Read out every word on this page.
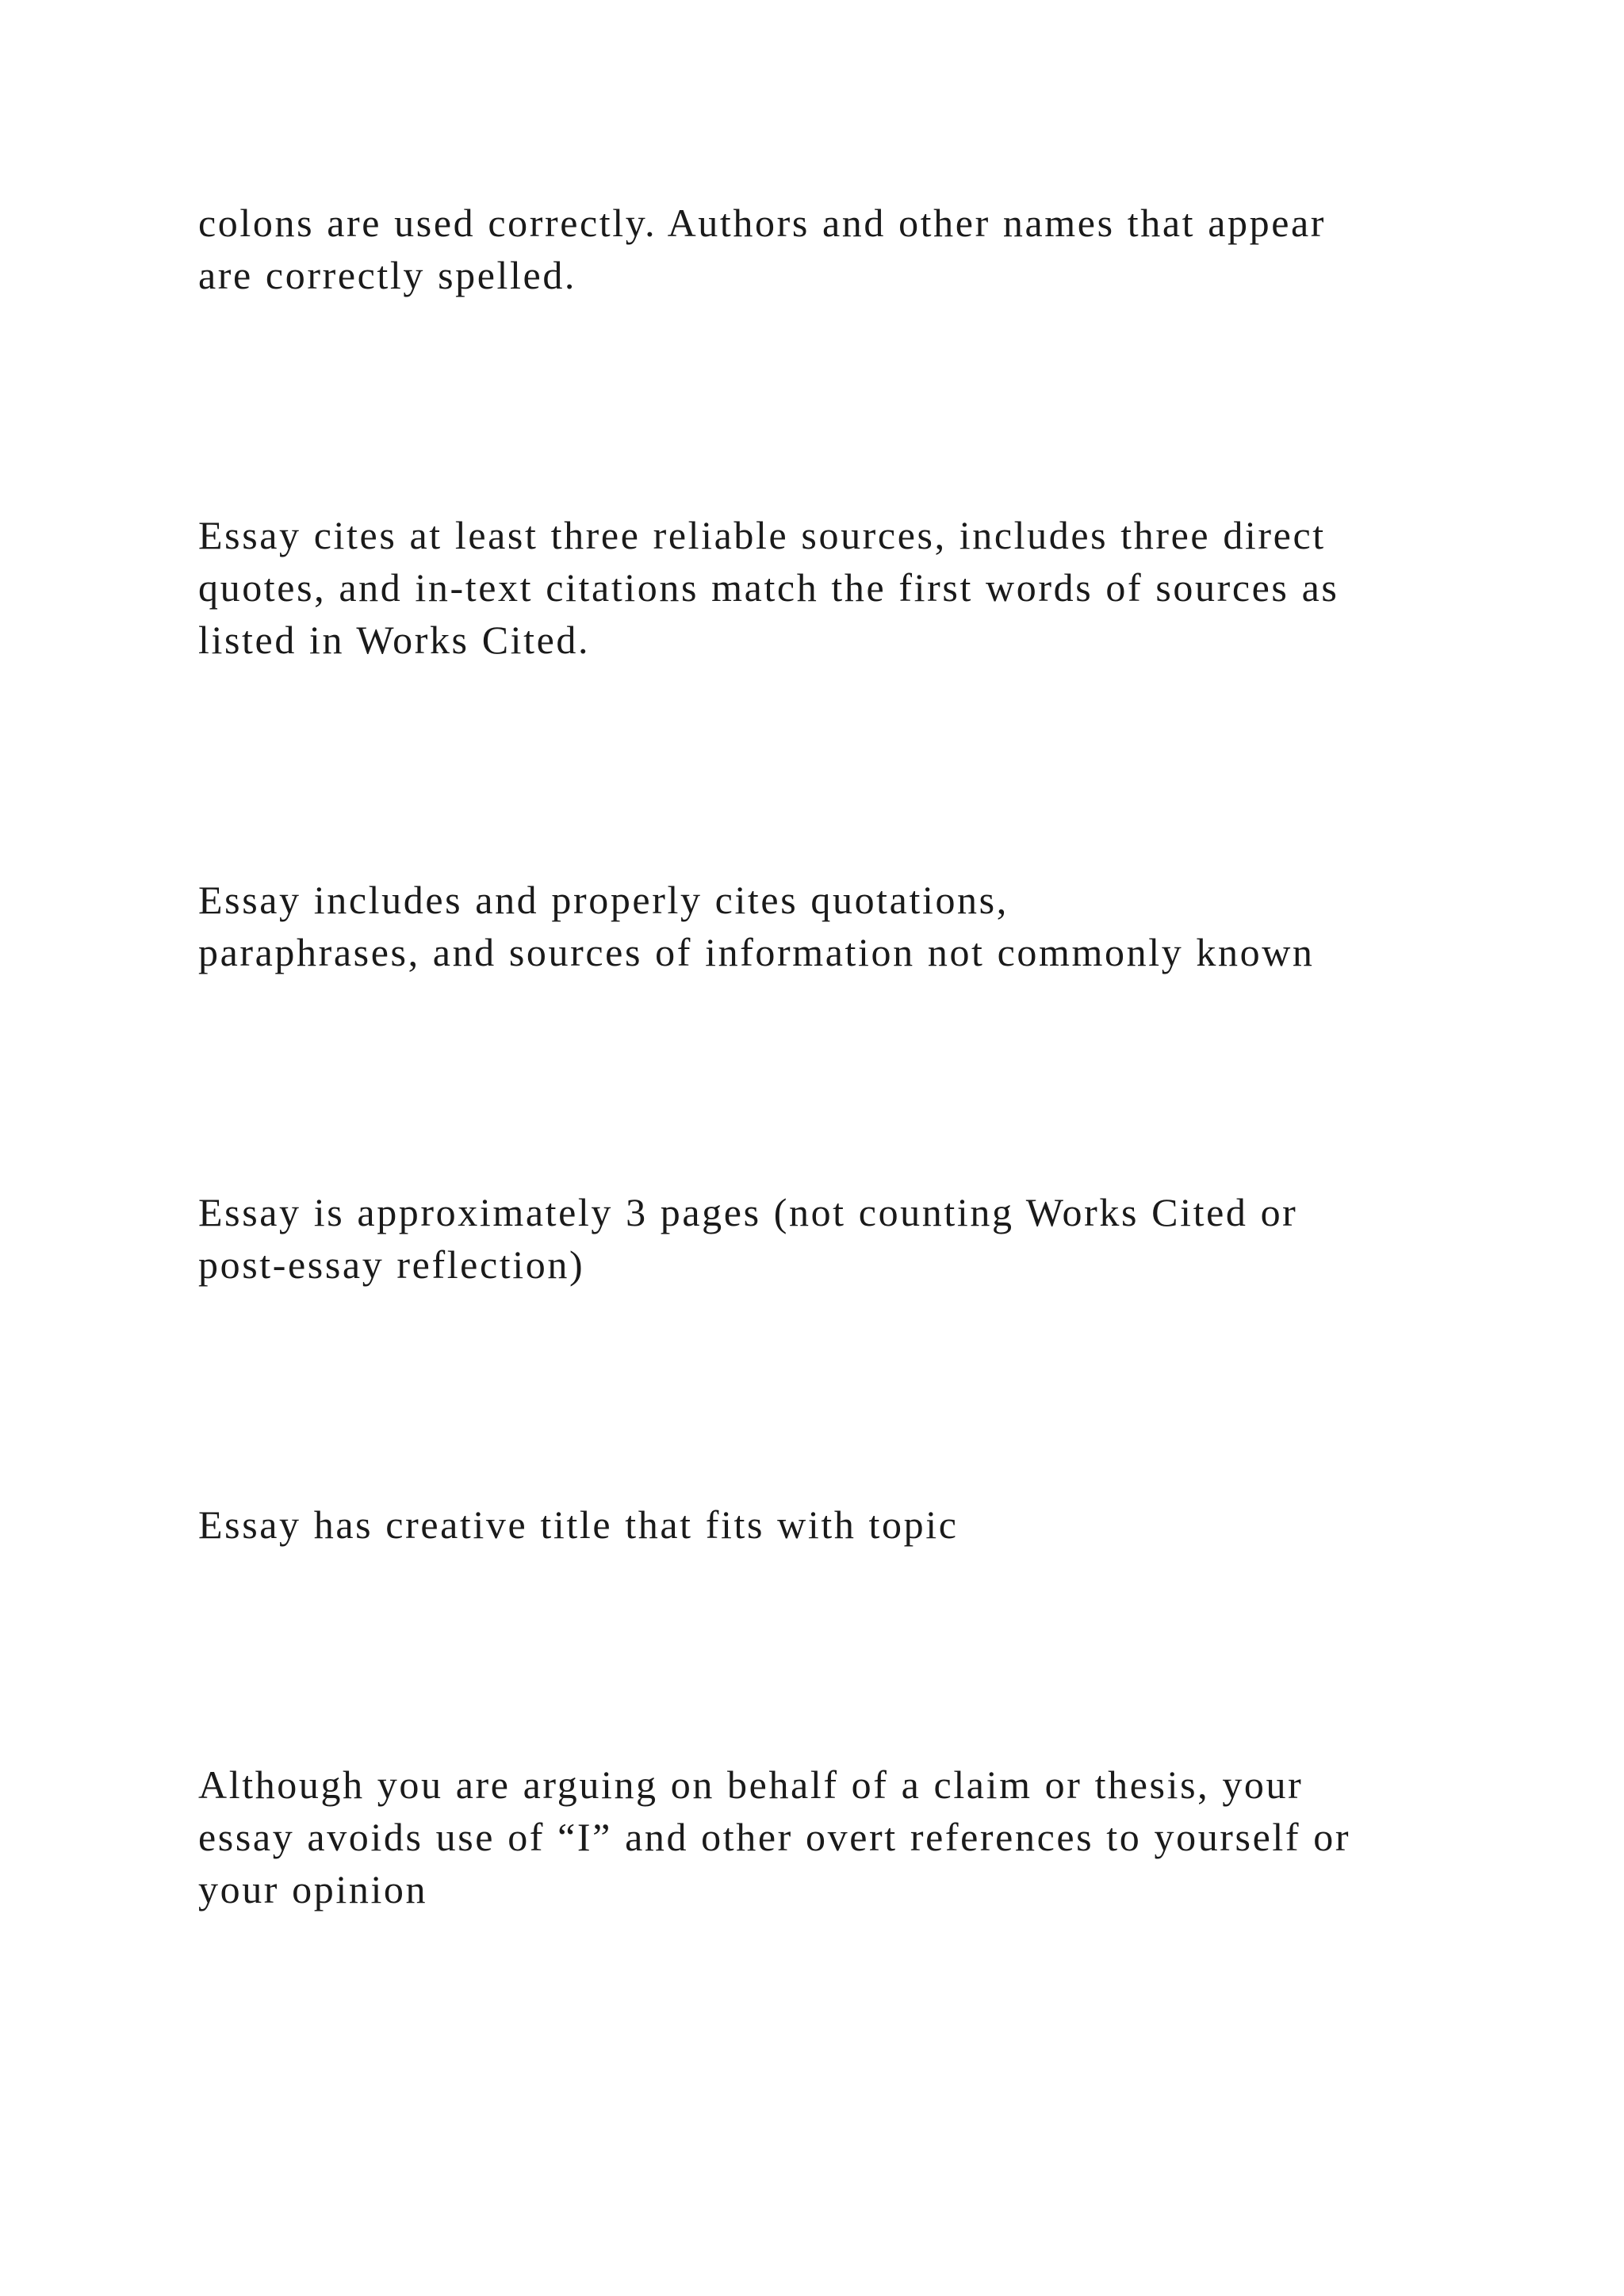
colons are used correctly. Authors and other names that appear
are correctly spelled.

Essay cites at least three reliable sources, includes three direct
quotes, and in-text citations match the first words of sources as
listed in Works Cited.

Essay includes and properly cites quotations,
paraphrases, and sources of information not commonly known

Essay is approximately 3 pages (not counting Works Cited or
post-essay reflection)

Essay has creative title that fits with topic

Although you are arguing on behalf of a claim or thesis, your
essay avoids use of “I” and other overt references to yourself or
your opinion
